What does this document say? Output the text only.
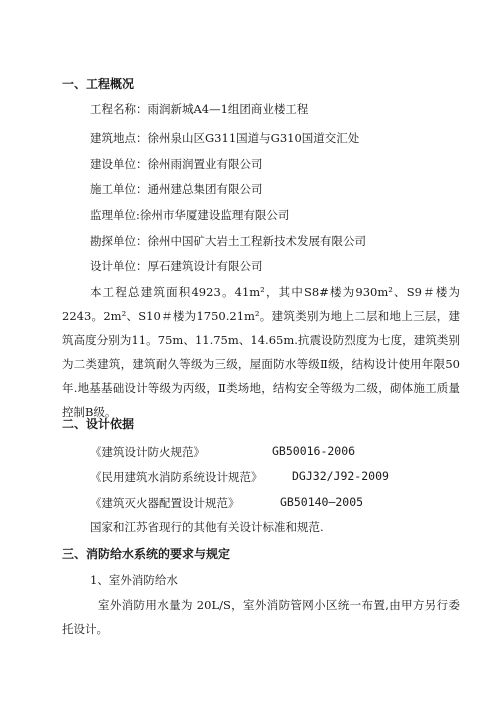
一、工程概况
工程名称：雨润新城A4—1组团商业楼工程
建筑地点：徐州泉山区G311国道与G310国道交汇处
建设单位：徐州雨润置业有限公司
施工单位：通州建总集团有限公司
监理单位:徐州市华厦建设监理有限公司
勘探单位：徐州中国矿大岩土工程新技术发展有限公司
设计单位：厚石建筑设计有限公司
本工程总建筑面积4923。41m²，其中S8#楼为930m²、S9＃楼为2243。2m²、S10＃楼为1750.21m²。建筑类别为地上二层和地上三层，建筑高度分别为11。75m、11.75m、14.65m.抗震设防烈度为七度，建筑类别为二类建筑，建筑耐久等级为三级，屋面防水等级Ⅱ级，结构设计使用年限50年.地基基础设计等级为丙级，Ⅱ类场地，结构安全等级为二级，砌体施工质量控制B级。
二、设计依据
《建筑设计防火规范》	GB50016-2006
《民用建筑水消防系统设计规范》	DGJ32/J92-2009
《建筑灭火器配置设计规范》	GB50140—2005
国家和江苏省现行的其他有关设计标准和规范.
三、消防给水系统的要求与规定
1、室外消防给水
室外消防用水量为 20L/S，室外消防管网小区统一布置,由甲方另行委托设计。
